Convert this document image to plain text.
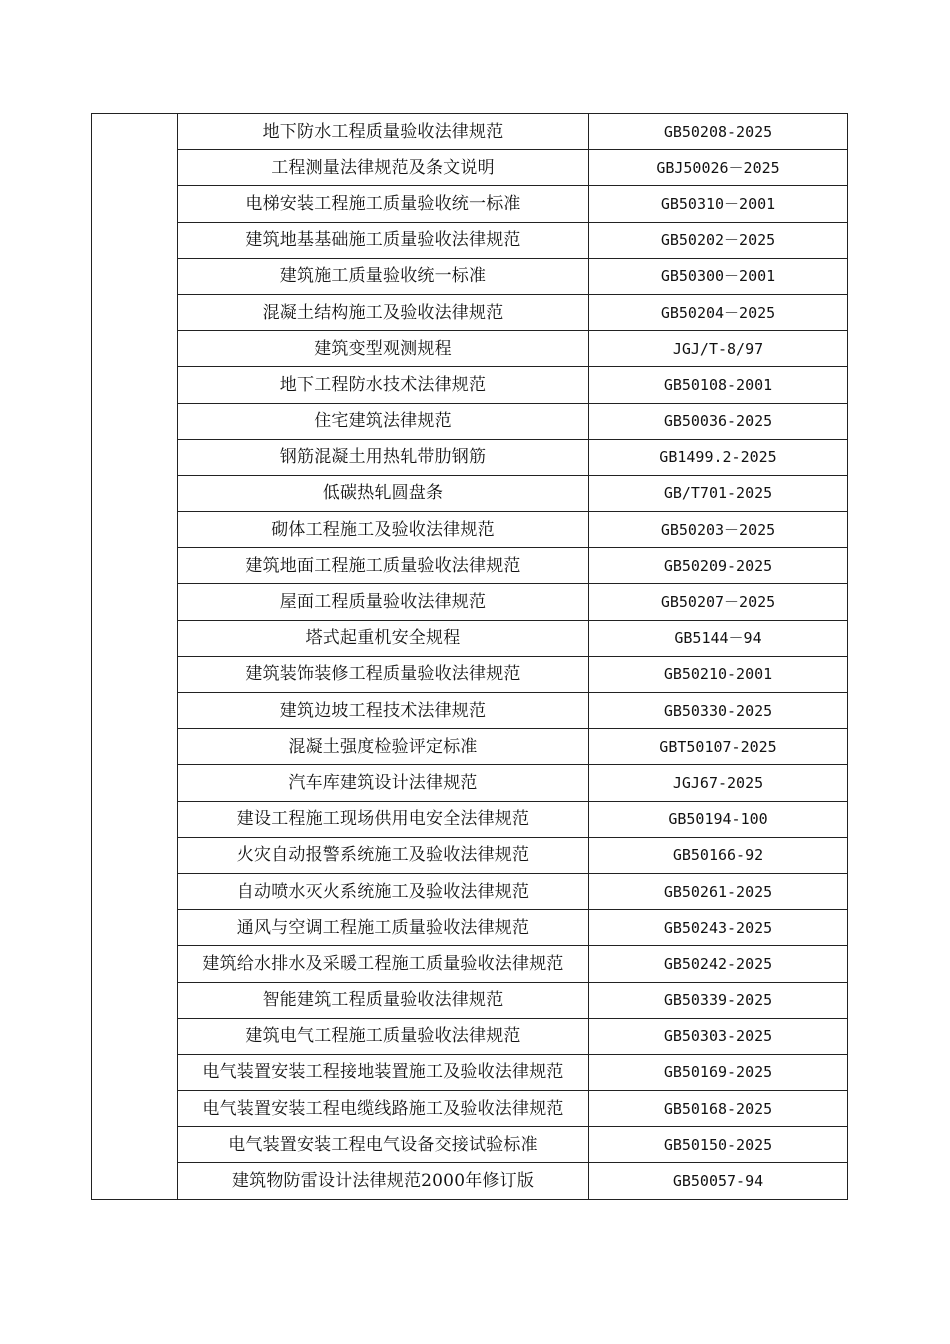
	地下防水工程质量验收法律规范	GB50208-2025
	工程测量法律规范及条文说明	GBJ50026－2025
	电梯安装工程施工质量验收统一标准	GB50310－2001
	建筑地基基础施工质量验收法律规范	GB50202－2025
	建筑施工质量验收统一标准	GB50300－2001
	混凝土结构施工及验收法律规范	GB50204－2025
	建筑变型观测规程	JGJ/T-8/97
	地下工程防水技术法律规范	GB50108-2001
	住宅建筑法律规范	GB50036-2025
	钢筋混凝土用热轧带肋钢筋	GB1499.2-2025
	低碳热轧圆盘条	GB/T701-2025
	砌体工程施工及验收法律规范	GB50203－2025
	建筑地面工程施工质量验收法律规范	GB50209-2025
	屋面工程质量验收法律规范	GB50207－2025
	塔式起重机安全规程	GB5144－94
	建筑装饰装修工程质量验收法律规范	GB50210-2001
	建筑边坡工程技术法律规范	GB50330-2025
	混凝土强度检验评定标准	GBT50107-2025
	汽车库建筑设计法律规范	JGJ67-2025
	建设工程施工现场供用电安全法律规范	GB50194-100
	火灾自动报警系统施工及验收法律规范	GB50166-92
	自动喷水灭火系统施工及验收法律规范	GB50261-2025
	通风与空调工程施工质量验收法律规范	GB50243-2025
	建筑给水排水及采暖工程施工质量验收法律规范	GB50242-2025
	智能建筑工程质量验收法律规范	GB50339-2025
	建筑电气工程施工质量验收法律规范	GB50303-2025
	电气装置安装工程接地装置施工及验收法律规范	GB50169-2025
	电气装置安装工程电缆线路施工及验收法律规范	GB50168-2025
	电气装置安装工程电气设备交接试验标准	GB50150-2025
	建筑物防雷设计法律规范2000年修订版	GB50057-94
